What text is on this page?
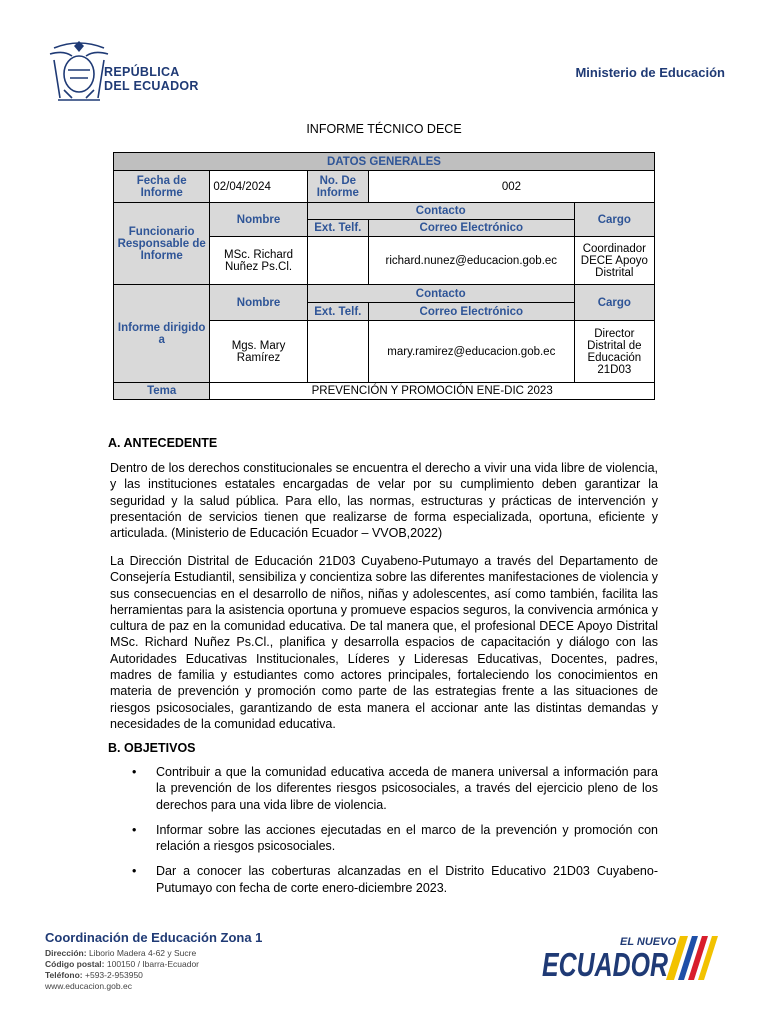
REPÚBLICA
DEL ECUADOR
Ministerio de Educación
INFORME TÉCNICO DECE
DATOS GENERALES				
Fecha de Informe	02/04/2024	No. De Informe	002	
Funcionario Responsable de Informe	Nombre	Contacto		Cargo
		Ext. Telf.	Correo Electrónico	
	MSc. Richard Nuñez Ps.Cl.		richard.nunez@educacion.gob.ec	Coordinador DECE Apoyo Distrital
Informe dirigido a	Nombre	Contacto		Cargo
		Ext. Telf.	Correo Electrónico	
	Mgs. Mary Ramírez		mary.ramirez@educacion.gob.ec	Director Distrital de Educación 21D03
Tema	PREVENCIÓN Y PROMOCIÓN ENE-DIC 2023			
A. ANTECEDENTE

Dentro de los derechos constitucionales se encuentra el derecho a vivir una vida libre de violencia, y las instituciones estatales encargadas de velar por su cumplimiento deben garantizar la seguridad y la salud pública. Para ello, las normas, estructuras y prácticas de intervención y presentación de servicios tienen que realizarse de forma especializada, oportuna, eficiente y articulada. (Ministerio de Educación Ecuador – VVOB,2022)

La Dirección Distrital de Educación 21D03 Cuyabeno-Putumayo a través del Departamento de Consejería Estudiantil, sensibiliza y concientiza sobre las diferentes manifestaciones de violencia y sus consecuencias en el desarrollo de niños, niñas y adolescentes, así como también, facilita las herramientas para la asistencia oportuna y promueve espacios seguros, la convivencia armónica y cultura de paz en la comunidad educativa. De tal manera que, el profesional DECE Apoyo Distrital MSc. Richard Nuñez Ps.Cl., planifica y desarrolla espacios de capacitación y diálogo con las Autoridades Educativas Institucionales, Líderes y Lideresas Educativas, Docentes, padres, madres de familia y estudiantes como actores principales, fortaleciendo los conocimientos en materia de prevención y promoción como parte de las estrategias frente a las situaciones de riesgos psicosociales, garantizando de esta manera el accionar ante las distintas demandas y necesidades de la comunidad educativa.

B. OBJETIVOS
• Contribuir a que la comunidad educativa acceda de manera universal a información para la prevención de los diferentes riesgos psicosociales, a través del ejercicio pleno de los derechos para una vida libre de violencia.
• Informar sobre las acciones ejecutadas en el marco de la prevención y promoción con relación a riesgos psicosociales.
• Dar a conocer las coberturas alcanzadas en el Distrito Educativo 21D03 Cuyabeno-Putumayo con fecha de corte enero-diciembre 2023.
Coordinación de Educación Zona 1
Dirección: Liborio Madera 4-62 y Sucre
Código postal: 100150 / Ibarra-Ecuador
Teléfono: +593-2-953950
www.educacion.gob.ec
EL NUEVO
ECUADOR
